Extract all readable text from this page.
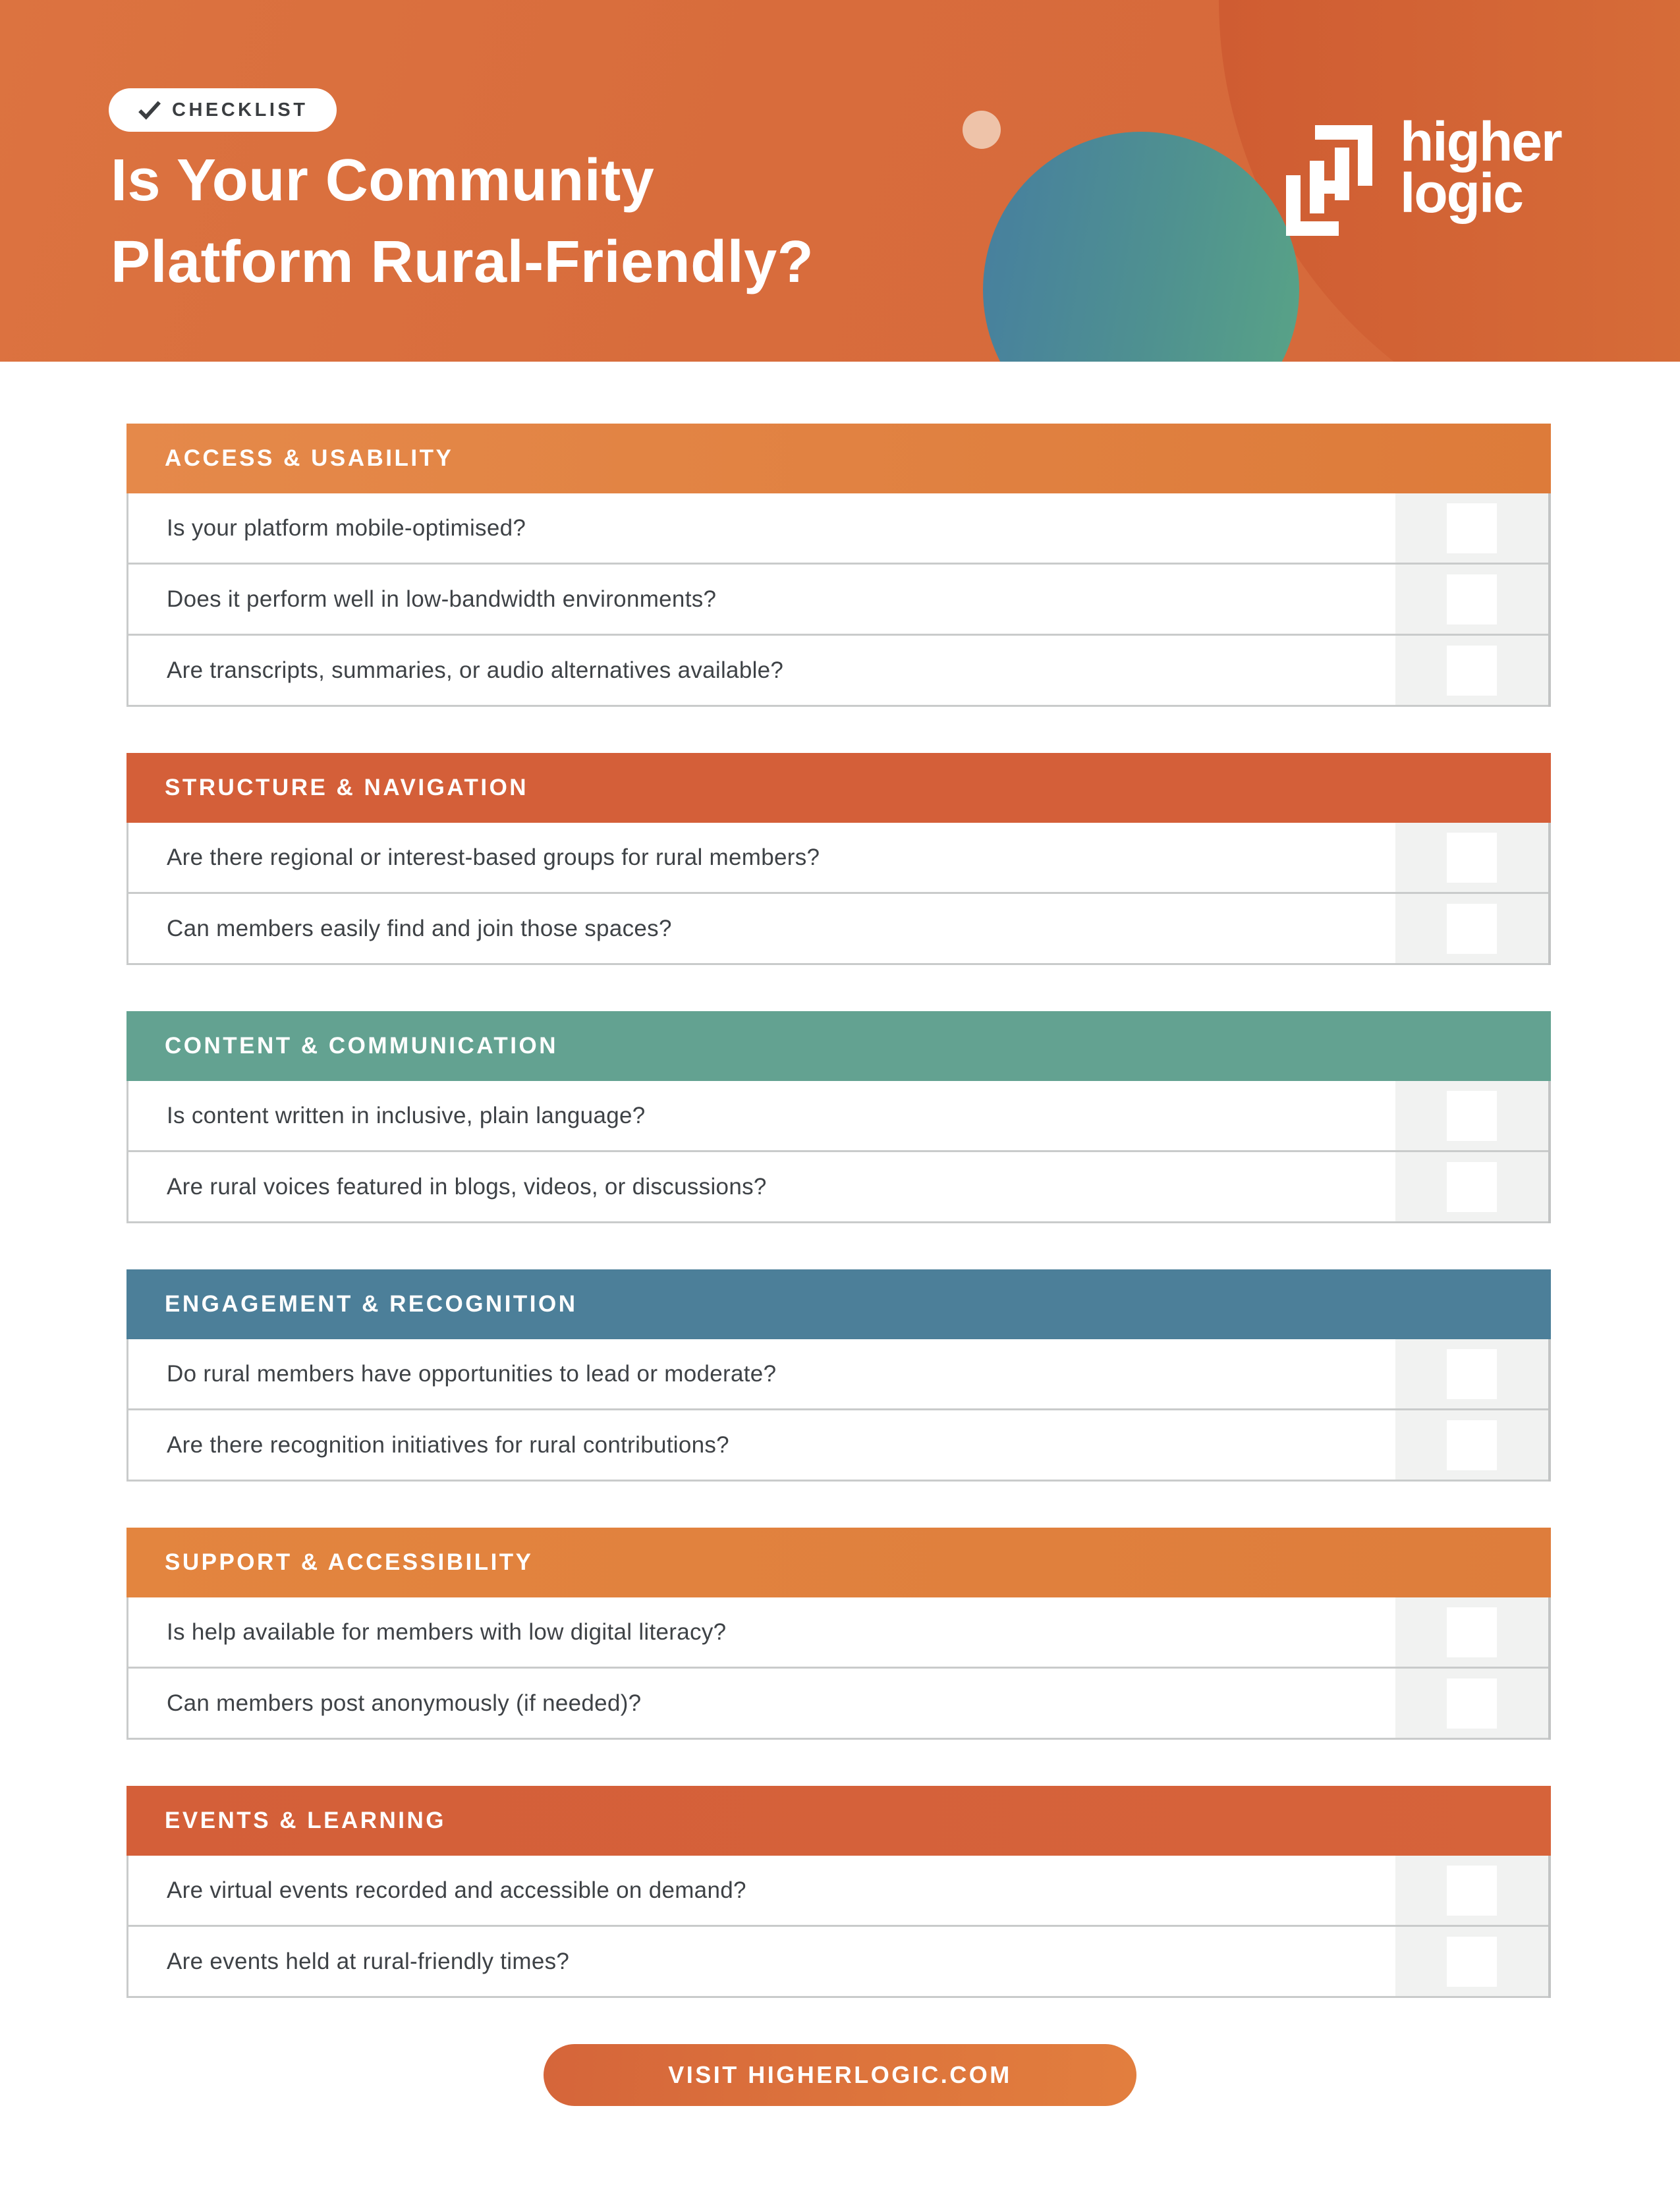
CHECKLIST
Is Your Community
Platform Rural-Friendly?
higher
logic
ACCESS & USABILITY
Is your platform mobile-optimised?
Does it perform well in low-bandwidth environments?
Are transcripts, summaries, or audio alternatives available?
STRUCTURE & NAVIGATION
Are there regional or interest-based groups for rural members?
Can members easily find and join those spaces?
CONTENT & COMMUNICATION
Is content written in inclusive, plain language?
Are rural voices featured in blogs, videos, or discussions?
ENGAGEMENT & RECOGNITION
Do rural members have opportunities to lead or moderate?
Are there recognition initiatives for rural contributions?
SUPPORT & ACCESSIBILITY
Is help available for members with low digital literacy?
Can members post anonymously (if needed)?
EVENTS & LEARNING
Are virtual events recorded and accessible on demand?
Are events held at rural-friendly times?
VISIT HIGHERLOGIC.COM
